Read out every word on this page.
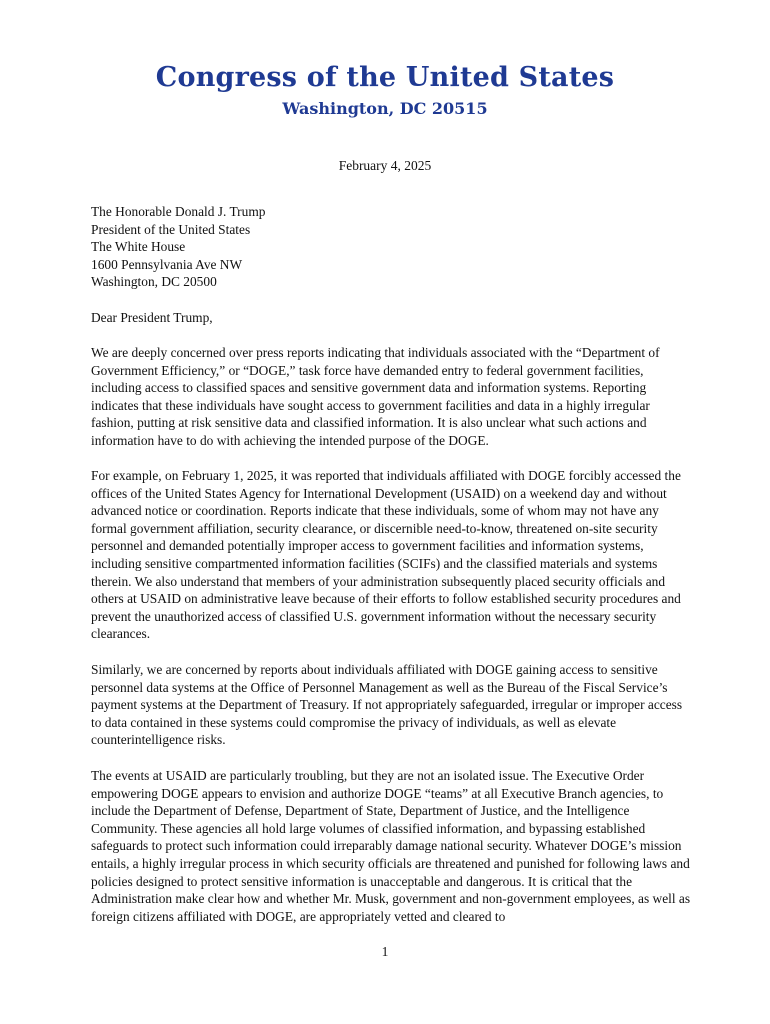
Congress of the United States
Washington, DC 20515
February 4, 2025
The Honorable Donald J. Trump
President of the United States
The White House
1600 Pennsylvania Ave NW
Washington, DC 20500
Dear President Trump,

We are deeply concerned over press reports indicating that individuals associated with the “Department of Government Efficiency,” or “DOGE,” task force have demanded entry to federal government facilities, including access to classified spaces and sensitive government data and information systems. Reporting indicates that these individuals have sought access to government facilities and data in a highly irregular fashion, putting at risk sensitive data and classified information. It is also unclear what such actions and information have to do with achieving the intended purpose of the DOGE.

For example, on February 1, 2025, it was reported that individuals affiliated with DOGE forcibly accessed the offices of the United States Agency for International Development (USAID) on a weekend day and without advanced notice or coordination. Reports indicate that these individuals, some of whom may not have any formal government affiliation, security clearance, or discernible need-to-know, threatened on-site security personnel and demanded potentially improper access to government facilities and information systems, including sensitive compartmented information facilities (SCIFs) and the classified materials and systems therein. We also understand that members of your administration subsequently placed security officials and others at USAID on administrative leave because of their efforts to follow established security procedures and prevent the unauthorized access of classified U.S. government information without the necessary security clearances.

Similarly, we are concerned by reports about individuals affiliated with DOGE gaining access to sensitive personnel data systems at the Office of Personnel Management as well as the Bureau of the Fiscal Service’s payment systems at the Department of Treasury. If not appropriately safeguarded, irregular or improper access to data contained in these systems could compromise the privacy of individuals, as well as elevate counterintelligence risks.

The events at USAID are particularly troubling, but they are not an isolated issue. The Executive Order empowering DOGE appears to envision and authorize DOGE “teams” at all Executive Branch agencies, to include the Department of Defense, Department of State, Department of Justice, and the Intelligence Community. These agencies all hold large volumes of classified information, and bypassing established safeguards to protect such information could irreparably damage national security. Whatever DOGE’s mission entails, a highly irregular process in which security officials are threatened and punished for following laws and policies designed to protect sensitive information is unacceptable and dangerous. It is critical that the Administration make clear how and whether Mr. Musk, government and non-government employees, as well as foreign citizens affiliated with DOGE, are appropriately vetted and cleared to

1
